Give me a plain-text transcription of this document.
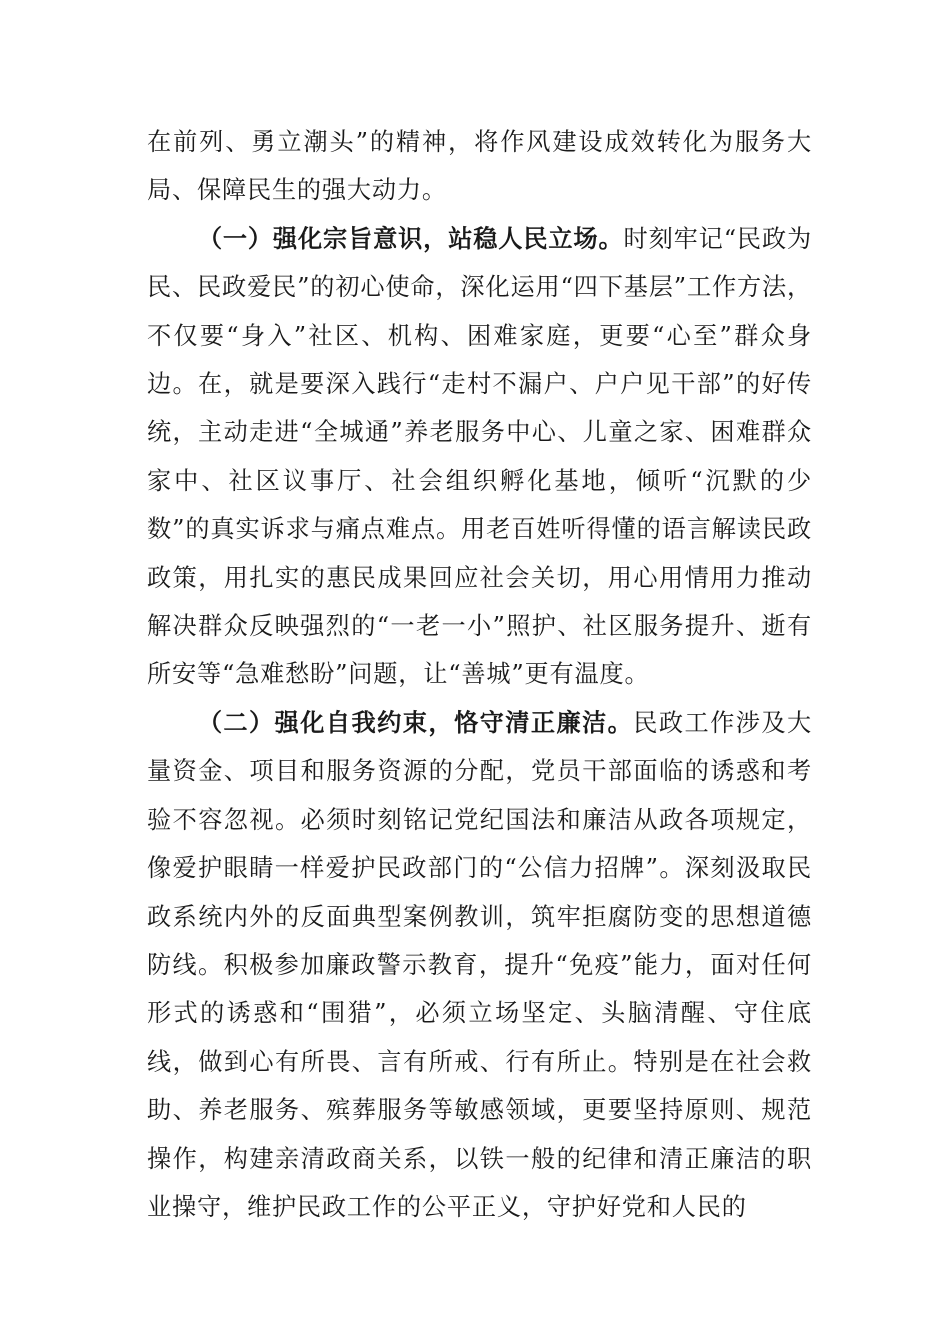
在前列、勇立潮头”的精神，将作风建设成效转化为服务大局、保障民生的强大动力。

（一）强化宗旨意识，站稳人民立场。时刻牢记“民政为民、民政爱民”的初心使命，深化运用“四下基层”工作方法，不仅要“身入”社区、机构、困难家庭，更要“心至”群众身边。在，就是要深入践行“走村不漏户、户户见干部”的好传统，主动走进“全城通”养老服务中心、儿童之家、困难群众家中、社区议事厅、社会组织孵化基地，倾听“沉默的少数”的真实诉求与痛点难点。用老百姓听得懂的语言解读民政政策，用扎实的惠民成果回应社会关切，用心用情用力推动解决群众反映强烈的“一老一小”照护、社区服务提升、逝有所安等“急难愁盼”问题，让“善城”更有温度。

（二）强化自我约束，恪守清正廉洁。民政工作涉及大量资金、项目和服务资源的分配，党员干部面临的诱惑和考验不容忽视。必须时刻铭记党纪国法和廉洁从政各项规定，像爱护眼睛一样爱护民政部门的“公信力招牌”。深刻汲取民政系统内外的反面典型案例教训，筑牢拒腐防变的思想道德防线。积极参加廉政警示教育，提升“免疫”能力，面对任何形式的诱惑和“围猎”，必须立场坚定、头脑清醒、守住底线，做到心有所畏、言有所戒、行有所止。特别是在社会救助、养老服务、殡葬服务等敏感领域，更要坚持原则、规范操作，构建亲清政商关系，以铁一般的纪律和清正廉洁的职业操守，维护民政工作的公平正义，守护好党和人民的
